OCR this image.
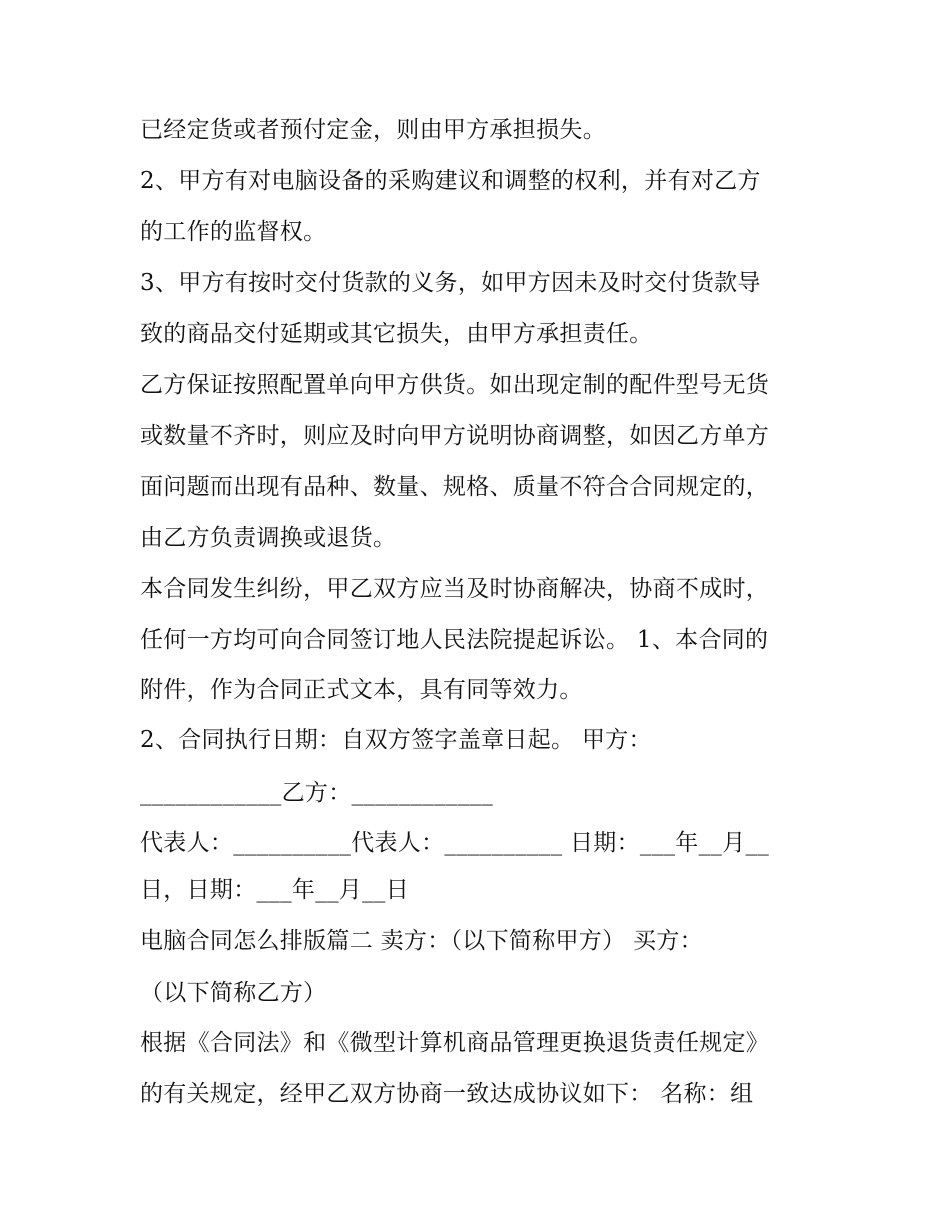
已经定货或者预付定金，则由甲方承担损失。
2、甲方有对电脑设备的采购建议和调整的权利，并有对乙方
的工作的监督权。
3、甲方有按时交付货款的义务，如甲方因未及时交付货款导
致的商品交付延期或其它损失，由甲方承担责任。
乙方保证按照配置单向甲方供货。如出现定制的配件型号无货
或数量不齐时，则应及时向甲方说明协商调整，如因乙方单方
面问题而出现有品种、数量、规格、质量不符合合同规定的，
由乙方负责调换或退货。
本合同发生纠纷，甲乙双方应当及时协商解决，协商不成时，
任何一方均可向合同签订地人民法院提起诉讼。 1、本合同的
附件，作为合同正式文本，具有同等效力。
2、合同执行日期：自双方签字盖章日起。 甲方：
____________乙方：____________
代表人：__________代表人：__________ 日期：___年__月__
日，日期：___年__月__日
电脑合同怎么排版篇二 卖方：（以下简称甲方） 买方：
（以下简称乙方）
根据《合同法》和《微型计算机商品管理更换退货责任规定》
的有关规定，经甲乙双方协商一致达成协议如下： 名称：组
